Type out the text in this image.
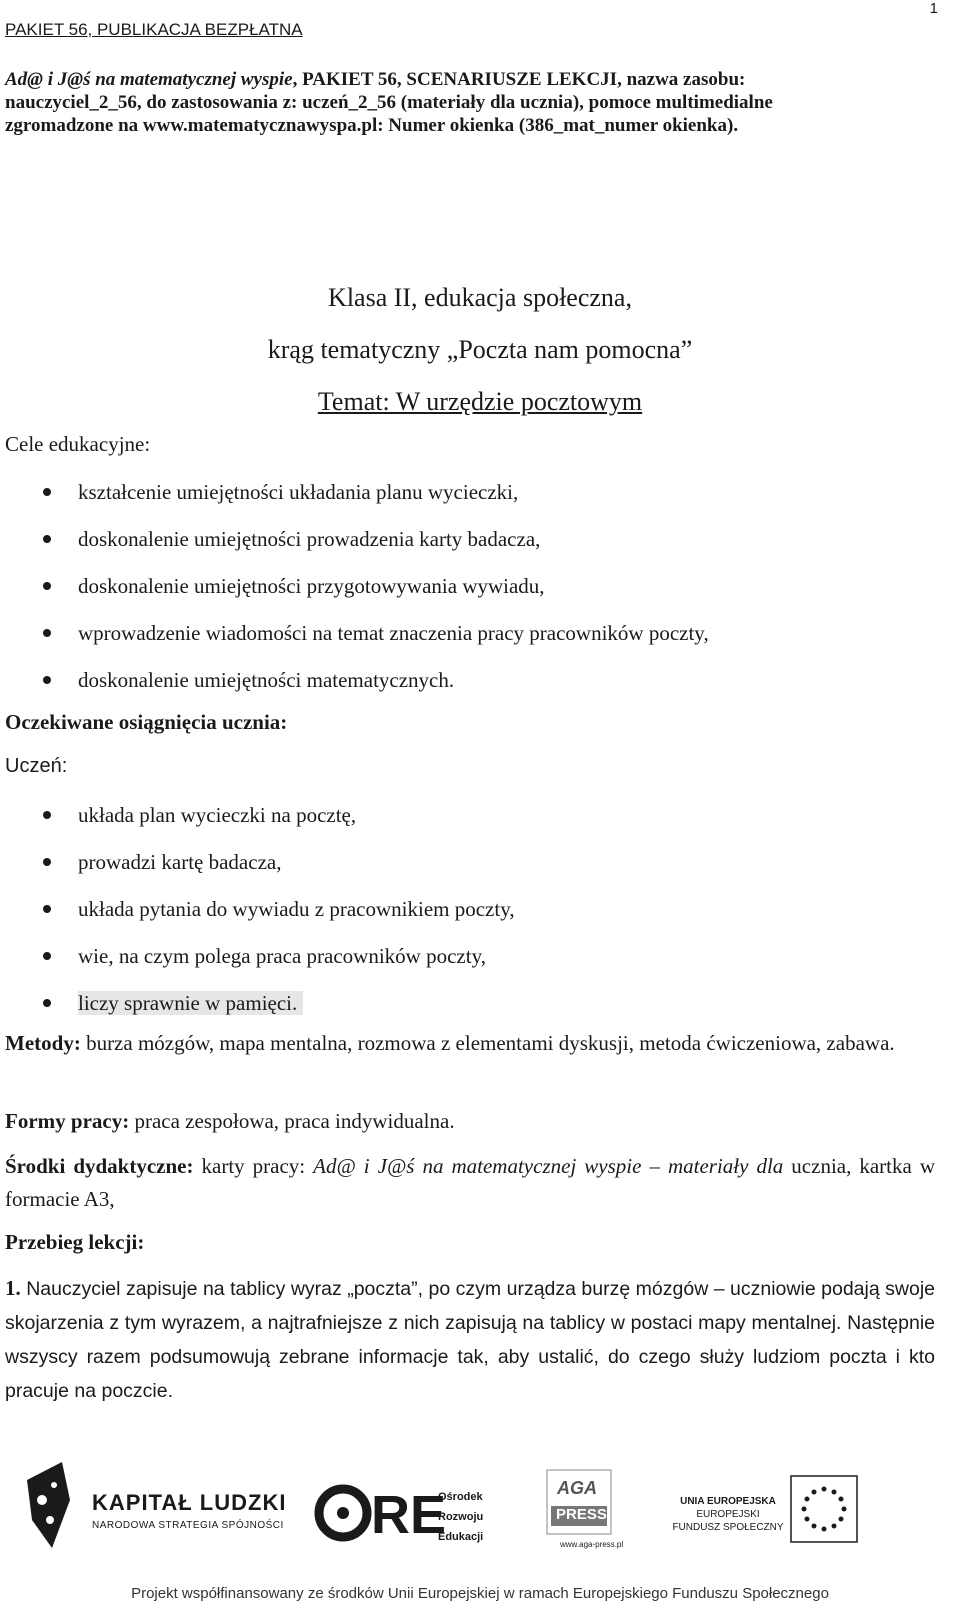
PAKIET 56, PUBLIKACJA BEZPŁATNA
1
Ad@ i J@ś na matematycznej wyspie, PAKIET 56, SCENARIUSZE LEKCJI, nazwa zasobu:
nauczyciel_2_56, do zastosowania z: uczeń_2_56 (materiały dla ucznia), pomoce multimedialne
zgromadzone na www.matematycznawyspa.pl: Numer okienka (386_mat_numer okienka).
Klasa II, edukacja społeczna,
krąg tematyczny „Poczta nam pomocna”
Temat: W urzędzie pocztowym
Cele edukacyjne:
kształcenie umiejętności układania planu wycieczki,
doskonalenie umiejętności prowadzenia karty badacza,
doskonalenie umiejętności przygotowywania wywiadu,
wprowadzenie wiadomości na temat znaczenia pracy pracowników poczty,
doskonalenie umiejętności matematycznych.
Oczekiwane osiągnięcia ucznia:
Uczeń:
układa plan wycieczki na pocztę,
prowadzi kartę badacza,
układa pytania do wywiadu z pracownikiem poczty,
wie, na czym polega praca pracowników poczty,
liczy sprawnie w pamięci.
Metody: burza mózgów, mapa mentalna, rozmowa z elementami dyskusji, metoda ćwiczeniowa, zabawa.
Formy pracy: praca zespołowa, praca indywidualna.
Środki dydaktyczne: karty pracy: Ad@ i J@ś na matematycznej wyspie – materiały dla ucznia, kartka w formacie A3,
Przebieg lekcji:
1. Nauczyciel zapisuje na tablicy wyraz „poczta”, po czym urządza burzę mózgów – uczniowie podają swoje skojarzenia z tym wyrazem, a najtrafniejsze z nich zapisują na tablicy w postaci mapy mentalnej. Następnie wszyscy razem podsumowują zebrane informacje tak, aby ustalić, do czego służy ludziom poczta i kto pracuje na poczcie.
KAPITAŁ LUDZKI
NARODOWA STRATEGIA SPÓJNOŚCI RE
Ośrodek
Rozwoju
Edukacji
AGA
PRESS
www.aga-press.pl
UNIA EUROPEJSKA
EUROPEJSKI
FUNDUSZ SPOŁECZNY
Projekt współfinansowany ze środków Unii Europejskiej w ramach Europejskiego Funduszu Społecznego
